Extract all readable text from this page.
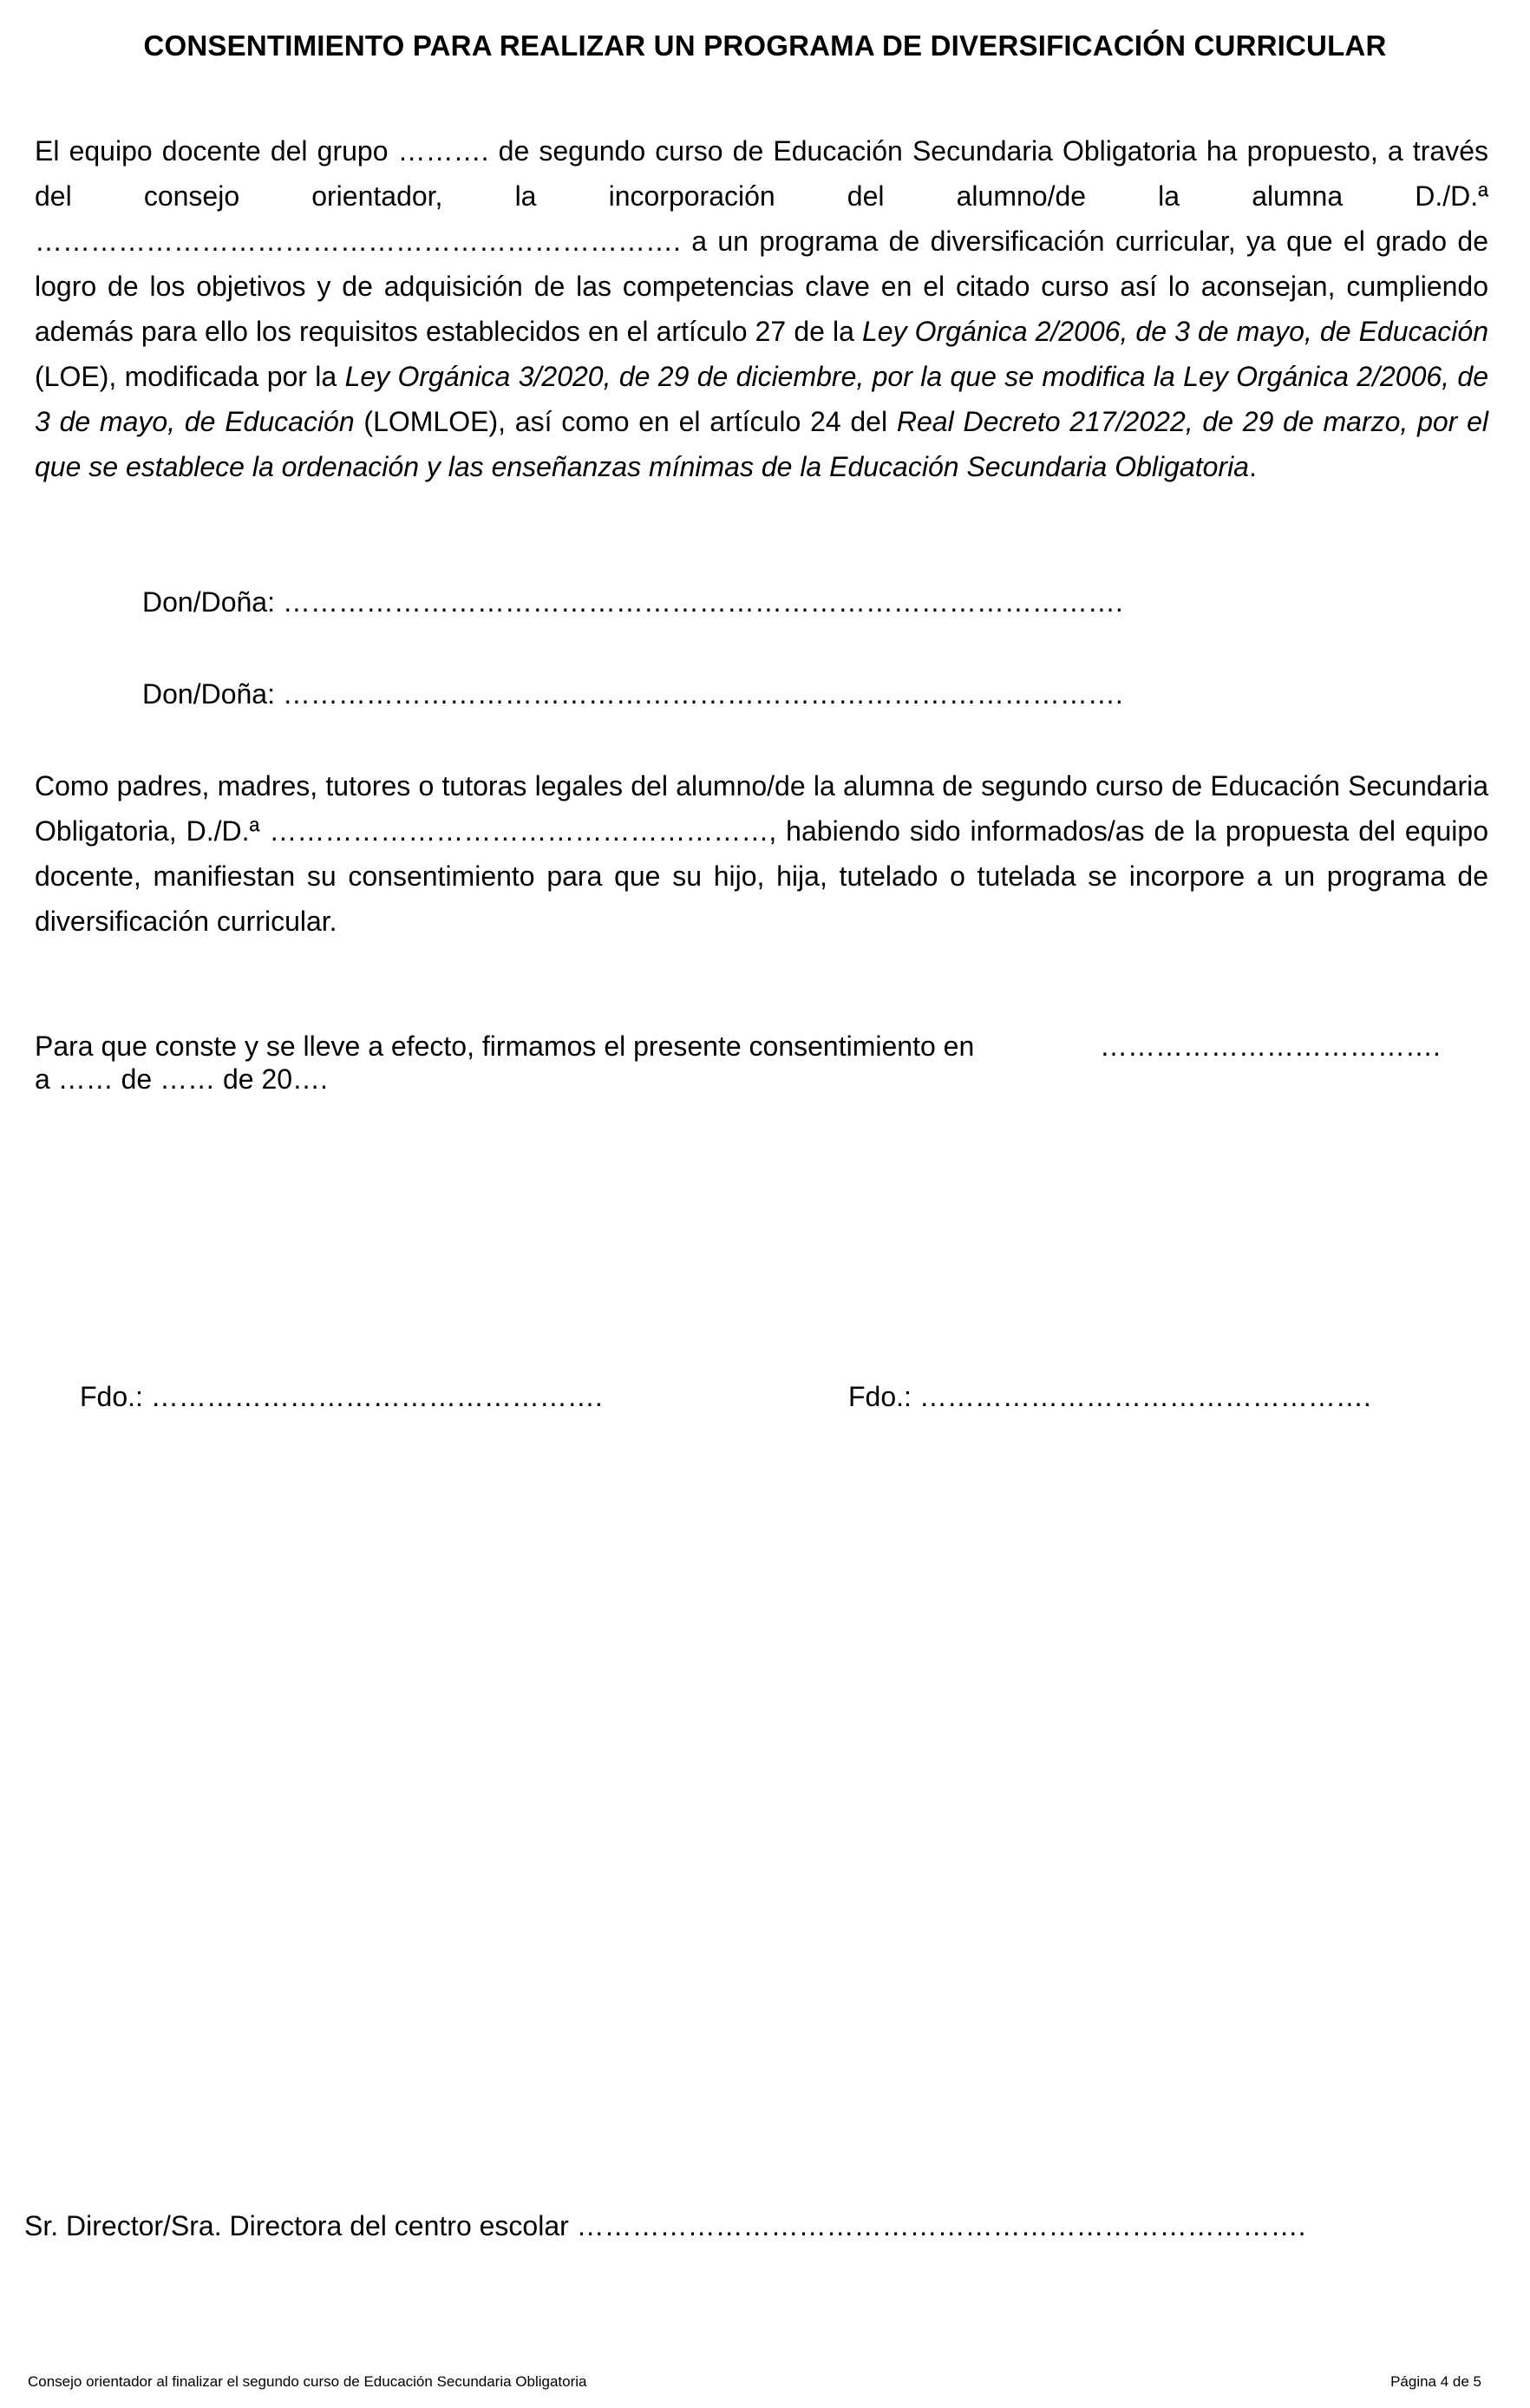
CONSENTIMIENTO PARA REALIZAR UN PROGRAMA DE DIVERSIFICACIÓN CURRICULAR
El equipo docente del grupo ………. de segundo curso de Educación Secundaria Obligatoria ha propuesto, a través del consejo orientador, la incorporación del alumno/de la alumna D./D.ª ……………………………………………………………. a un programa de diversificación curricular, ya que el grado de logro de los objetivos y de adquisición de las competencias clave en el citado curso así lo aconsejan, cumpliendo además para ello los requisitos establecidos en el artículo 27 de la Ley Orgánica 2/2006, de 3 de mayo, de Educación (LOE), modificada por la Ley Orgánica 3/2020, de 29 de diciembre, por la que se modifica la Ley Orgánica 2/2006, de 3 de mayo, de Educación (LOMLOE), así como en el artículo 24 del Real Decreto 217/2022, de 29 de marzo, por el que se establece la ordenación y las enseñanzas mínimas de la Educación Secundaria Obligatoria.
Don/Doña: ……………………………………………………………………………….
Don/Doña: ……………………………………………………………………………….
Como padres, madres, tutores o tutoras legales del alumno/de la alumna de segundo curso de Educación Secundaria Obligatoria, D./D.ª ………………………………………………, habiendo sido informados/as de la propuesta del equipo docente, manifiestan su consentimiento para que su hijo, hija, tutelado o tutelada se incorpore a un programa de diversificación curricular.
Para que conste y se lleve a efecto, firmamos el presente consentimiento en	……………………………….
a …… de …… de 20….
Fdo.: ………………………………………….	Fdo.: ………………………………………….
Sr. Director/Sra. Directora del centro escolar …………………………………………………………………….
Consejo orientador al finalizar el segundo curso de Educación Secundaria Obligatoria	Página 4 de 5
